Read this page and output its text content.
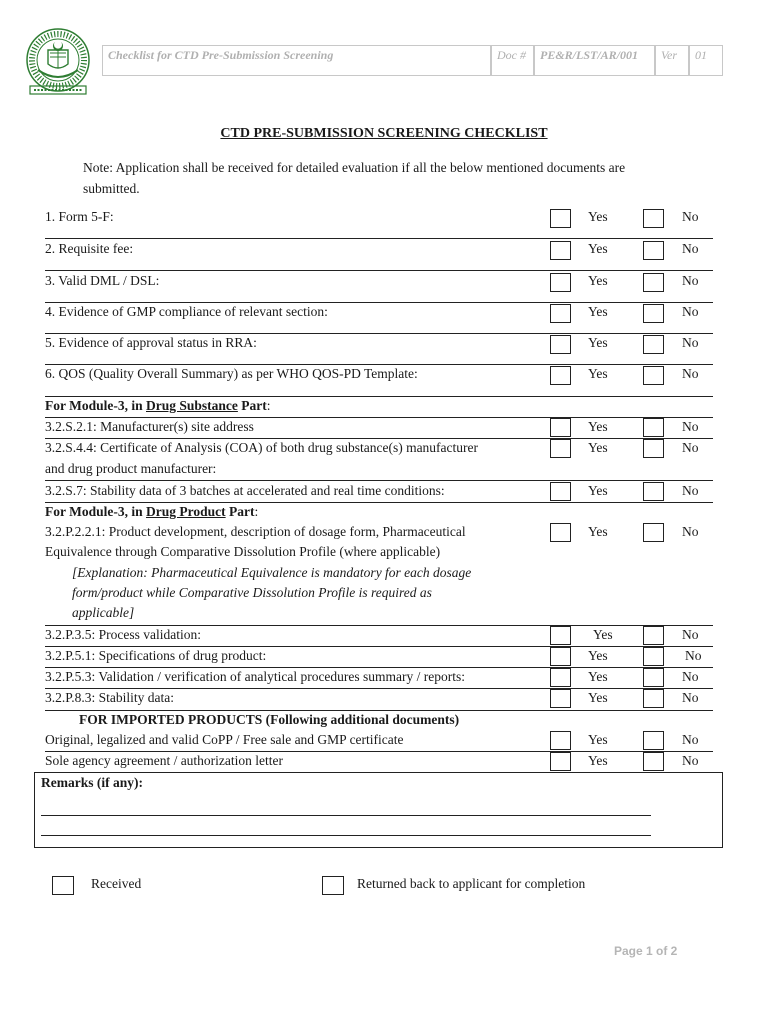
Checklist for CTD Pre-Submission Screening	Doc #	PE&R/LST/AR/001	Ver	01
CTD PRE-SUBMISSION SCREENING CHECKLIST
Note: Application shall be received for detailed evaluation if all the below mentioned documents are submitted.
1. Form 5-F:	Yes	No
2. Requisite fee:	Yes	No
3. Valid DML / DSL:	Yes	No
4. Evidence of GMP compliance of relevant section:	Yes	No
5. Evidence of approval status in RRA:	Yes	No
6. QOS (Quality Overall Summary) as per WHO QOS-PD Template:	Yes	No
For Module-3, in Drug Substance Part:
3.2.S.2.1: Manufacturer(s) site address	Yes	No
3.2.S.4.4: Certificate of Analysis (COA) of both drug substance(s) manufacturer
and drug product manufacturer:
Yes	No
3.2.S.7: Stability data of 3 batches at accelerated and real time conditions:	Yes	No
For Module-3, in Drug Product Part:
3.2.P.2.2.1: Product development, description of dosage form, Pharmaceutical
Equivalence through Comparative Dissolution Profile (where applicable)
[Explanation: Pharmaceutical Equivalence is mandatory for each dosage
form/product while Comparative Dissolution Profile is required as
applicable]
Yes	No
3.2.P.3.5: Process validation:	Yes	No
3.2.P.5.1: Specifications of drug product:	Yes	No
3.2.P.5.3: Validation / verification of analytical procedures summary / reports:	Yes	No
3.2.P.8.3: Stability data:	Yes	No
FOR IMPORTED PRODUCTS (Following additional documents)
Original, legalized and valid CoPP / Free sale and GMP certificate	Yes	No
Sole agency agreement / authorization letter	Yes	No
Remarks (if any):
Received	Returned back to applicant for completion
Page 1 of 2
